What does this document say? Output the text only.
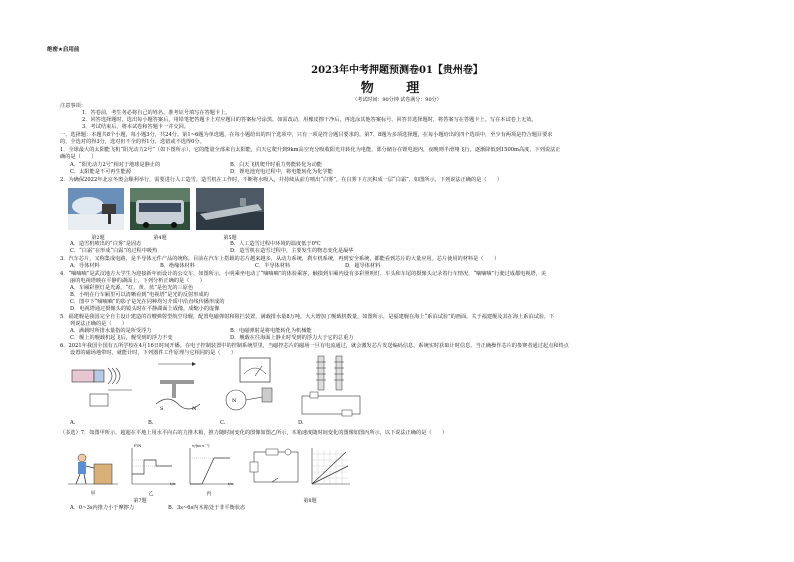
绝密★启用前
2023年中考押题预测卷01【贵州卷】
物 理
（考试时间：90分钟 试卷满分：90分）
注意事项：
1．答卷前，考生务必将自己的姓名、准考证号填写在答题卡上。
2．回答选择题时，选出每小题答案后，用铅笔把答题卡上对应题目的答案标号涂黑。如需改动，用橡皮擦干净后，再选涂其他答案标号。回答非选择题时，将答案写在答题卡上。写在本试卷上无效。
3．考试结束后，将本试卷和答题卡一并交回。
一、选择题：本题共8个小题，每小题3分，共24分。第1~6题为单选题，在每小题给出的四个选项中，只有一项是符合题目要求的。第7、8题为多项选择题，在每小题给出的四个选项中，至少有两项是符合题目要求
的，全选对的得3分，选对但不全的得1分，选错或不选得0分。
1．全球最大的太阳能飞机“阳光动力2号”（如下图所示），它的能量全部来自太阳能，白天它爬升到9km高空充分吸收阳光并转化为电能，部分储存在锂电池内，夜晚则半滑翔飞行，逐渐降低到1500m高度，下列说法正
确的是（　　）
A．“阳光动力2号”相对于地球是静止的	B．白天飞机爬升时重力势能转化为动能
C．太阳能是不可再生能源	D．锂电池充电过程中，将电能转化为化学能
2．为确保2022年北京冬奥会顺利举行，需要进行人工造雪。造雪机在工作时，不断将水吸入，并持续从前方喷出“白雾”，在白雾下方沉积成一层“白霜”，如图所示，下列说法正确的是（　　）
第2题	第4题	第5题
A．造雪机喷出的“白雾”是固态	B．人工造雪过程中环境的温度低于0℃
C．“白霜”在形成“白霜”的过程中吸热	D．造雪机在造雪过程中，主要发生的物态变化是凝华
3．汽车芯片，又称集成电路，是半导体元件产品的统称。目前在汽车上搭载的芯片越来越多，从动力系统，刹车机系统，再到安全系统，都能看到芯片的大量应用。芯片使用的材料是（　　）
A．导体材料	B．绝缘体材料	C．半导体材料	D．超导体材料
4．“嘀嘀嘀”是武汉地方大学生为迎接新年而设计的公交车，如图所示，小明乘坐电动了“嘀嘀嘀”的体验乘客，触摸到车厢内设有多彩照明灯，车头和车尾的摄像头记录着行车情况，“嘀嘀嘀”行驶过成都电视塔，美
丽的电视塔映在平静的湖面上，下列分析正确的是（　　）
A．车厢彩照灯是光源，“红、黄、蓝”是色光的三原色
B．小明在行车厢里可以清晰看到“电视塔”是光的反射形成的
C．图中下“嘀嘀嘀”的影子是光在同种均匀介质中沿直线传播形成的
D．电视塔通过摄像头的镜头时在平静湖面上成像，成缩小的虚像
5．福建舰是我国完全自主设计建造的首艘弹射型航空母舰，配置电磁弹射和阻拦装置，满载排水量8万吨。大大增加了舰载机数量，如图所示，是福建舰在海上“系泊试验”的画面，关于福建舰及其在海上系泊试验，下
列说法正确的是（　　）
A．满载时所排水量指的是所受浮力	B．电磁弹射是将电能转化为机械能
C．舰上的舰载机起飞后，舰受到的浮力不变	D．舰载在往海面上静止时受到的浮力大于它的总重力
6．2021年我国全国有五所学校在4月16日时间开播。在电子控制装置中的控制系统里里，当磁控芯片的磁场一旦有电流通过，就会激发芯片发送编码信息，系统实时获取计时信息，当正确操作芯片的参赛者通过起点和终点
设置的磁场地带时，就能计时，下列器件工作原理与它相同的是（　　）
S	N
N
A.	B.	C.	D.
（多选）7．如图甲所示，超超在平地上用水平向右的力推木箱，推力随时间变化的图像如图乙所示，木箱速度随时间变化的图像如图丙所示，以下说法正确的是（　　）
甲
F/N
t/s
乙
v/(m·s⁻¹)
t/s
丙
第7题	第8题
A．0~3s内推力小于摩擦力	B．3s~6s内木箱处于非平衡状态
